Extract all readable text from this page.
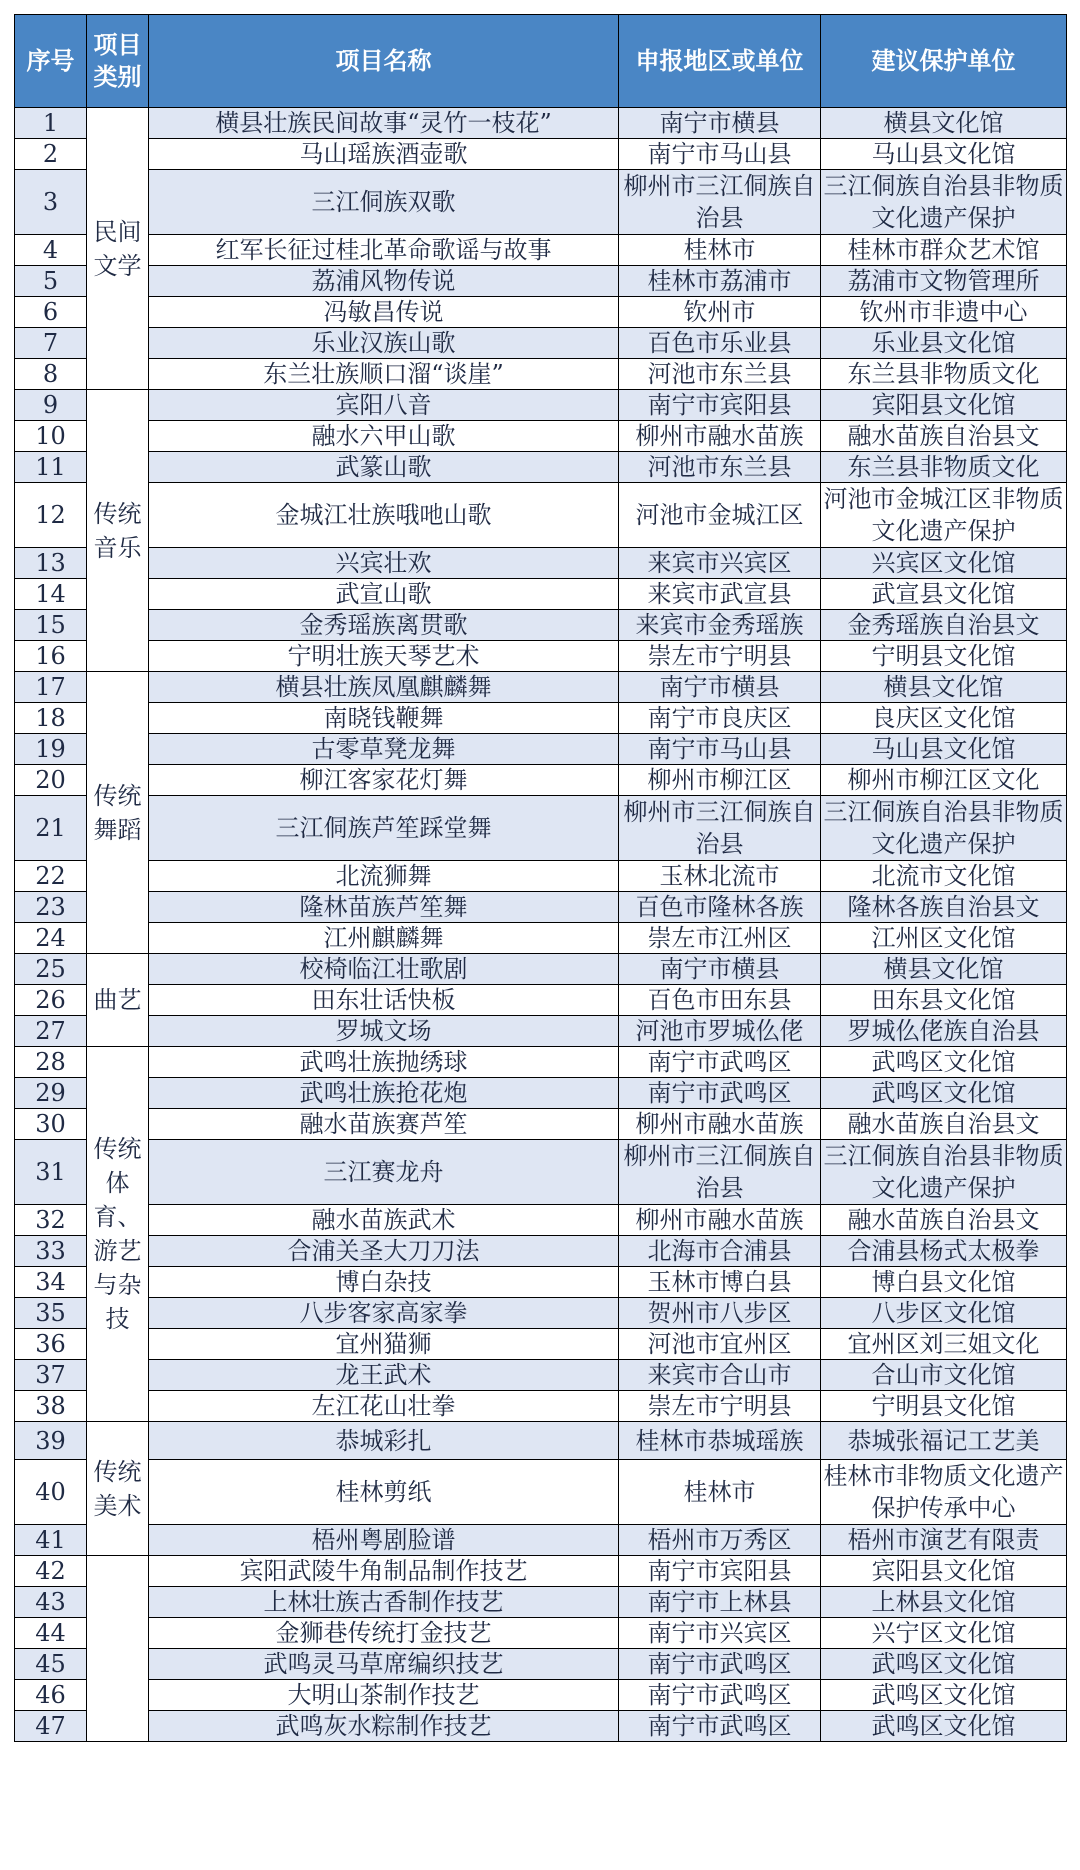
序号	项目类别	项目名称	申报地区或单位	建议保护单位
1	民间文学	横县壮族民间故事“灵竹一枝花”	南宁市横县	横县文化馆
2		马山瑶族酒壶歌	南宁市马山县	马山县文化馆
3		三江侗族双歌	柳州市三江侗族自治县	三江侗族自治县非物质文化遗产保护
4		红军长征过桂北革命歌谣与故事	桂林市	桂林市群众艺术馆
5		荔浦风物传说	桂林市荔浦市	荔浦市文物管理所
6		冯敏昌传说	钦州市	钦州市非遗中心
7		乐业汉族山歌	百色市乐业县	乐业县文化馆
8		东兰壮族顺口溜“谈崖”	河池市东兰县	东兰县非物质文化
9	传统音乐	宾阳八音	南宁市宾阳县	宾阳县文化馆
10		融水六甲山歌	柳州市融水苗族	融水苗族自治县文
11		武篆山歌	河池市东兰县	东兰县非物质文化
12		金城江壮族哦吔山歌	河池市金城江区	河池市金城江区非物质文化遗产保护
13		兴宾壮欢	来宾市兴宾区	兴宾区文化馆
14		武宣山歌	来宾市武宣县	武宣县文化馆
15		金秀瑶族离贯歌	来宾市金秀瑶族	金秀瑶族自治县文
16		宁明壮族天琴艺术	崇左市宁明县	宁明县文化馆
17	传统舞蹈	横县壮族凤凰麒麟舞	南宁市横县	横县文化馆
18		南晓钱鞭舞	南宁市良庆区	良庆区文化馆
19		古零草凳龙舞	南宁市马山县	马山县文化馆
20		柳江客家花灯舞	柳州市柳江区	柳州市柳江区文化
21		三江侗族芦笙踩堂舞	柳州市三江侗族自治县	三江侗族自治县非物质文化遗产保护
22		北流狮舞	玉林北流市	北流市文化馆
23		隆林苗族芦笙舞	百色市隆林各族	隆林各族自治县文
24		江州麒麟舞	崇左市江州区	江州区文化馆
25	曲艺	校椅临江壮歌剧	南宁市横县	横县文化馆
26		田东壮话快板	百色市田东县	田东县文化馆
27		罗城文场	河池市罗城仫佬	罗城仫佬族自治县
28	传统体育、游艺与杂技	武鸣壮族抛绣球	南宁市武鸣区	武鸣区文化馆
29		武鸣壮族抢花炮	南宁市武鸣区	武鸣区文化馆
30		融水苗族赛芦笙	柳州市融水苗族	融水苗族自治县文
31		三江赛龙舟	柳州市三江侗族自治县	三江侗族自治县非物质文化遗产保护
32		融水苗族武术	柳州市融水苗族	融水苗族自治县文
33		合浦关圣大刀刀法	北海市合浦县	合浦县杨式太极拳
34		博白杂技	玉林市博白县	博白县文化馆
35		八步客家高家拳	贺州市八步区	八步区文化馆
36		宜州猫狮	河池市宜州区	宜州区刘三姐文化
37		龙王武术	来宾市合山市	合山市文化馆
38		左江花山壮拳	崇左市宁明县	宁明县文化馆
39	传统美术	恭城彩扎	桂林市恭城瑶族	恭城张福记工艺美
40		桂林剪纸	桂林市	桂林市非物质文化遗产保护传承中心
41		梧州粤剧脸谱	梧州市万秀区	梧州市演艺有限责
42		宾阳武陵牛角制品制作技艺	南宁市宾阳县	宾阳县文化馆
43		上林壮族古香制作技艺	南宁市上林县	上林县文化馆
44		金狮巷传统打金技艺	南宁市兴宾区	兴宁区文化馆
45		武鸣灵马草席编织技艺	南宁市武鸣区	武鸣区文化馆
46		大明山茶制作技艺	南宁市武鸣区	武鸣区文化馆
47		武鸣灰水粽制作技艺	南宁市武鸣区	武鸣区文化馆
